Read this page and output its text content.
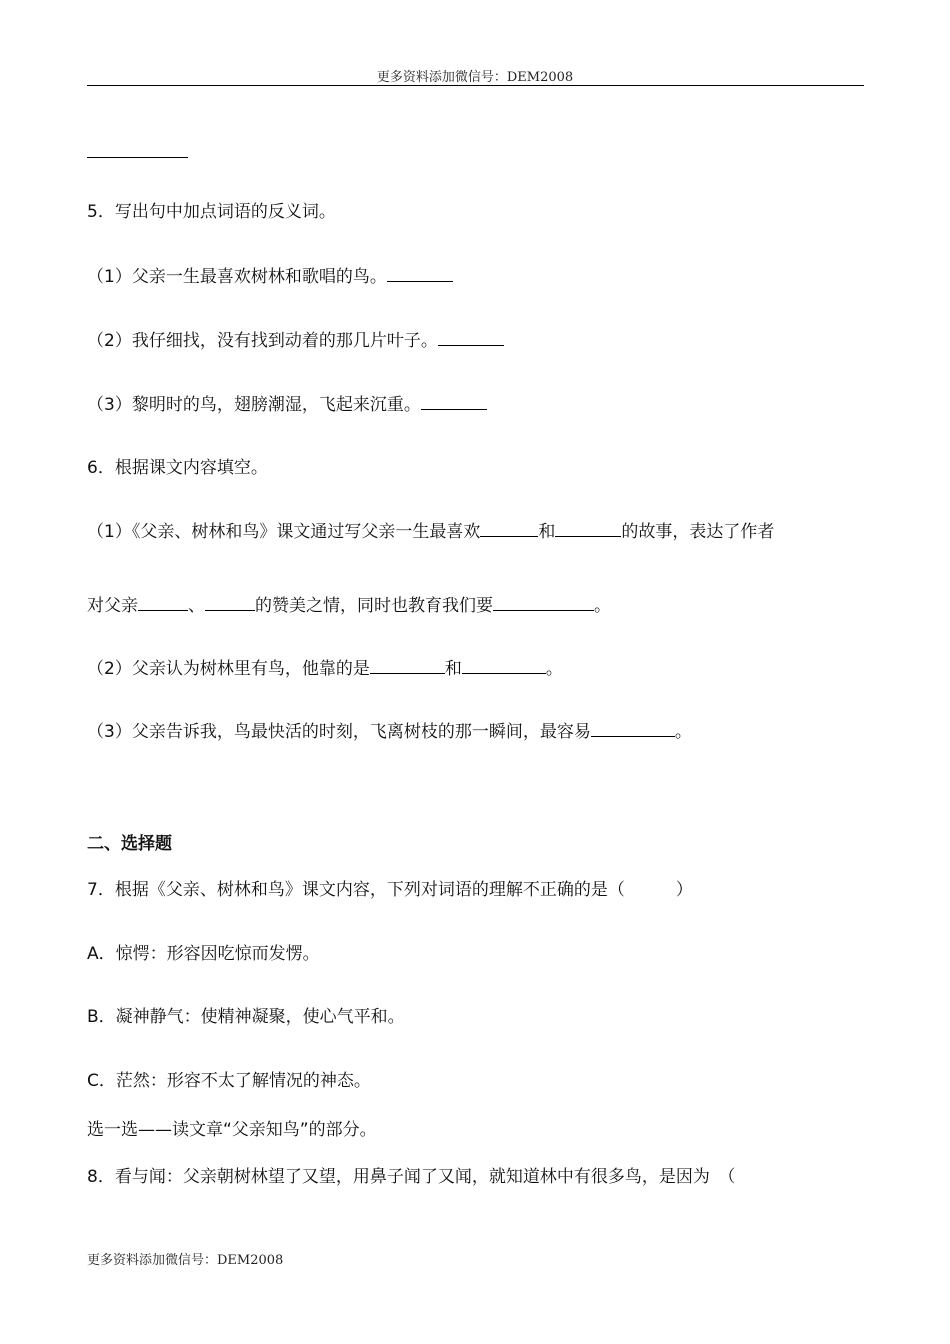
更多资料添加微信号：DEM2008
5．写出句中加点词语的反义词。
（1）父亲一生最喜欢树林和歌唱的鸟。
（2）我仔细找，没有找到动着的那几片叶子。
（3）黎明时的鸟，翅膀潮湿，飞起来沉重。
6．根据课文内容填空。
（1）《父亲、树林和鸟》课文通过写父亲一生最喜欢	和	的故事，表达了作者
对父亲	、	的赞美之情，同时也教育我们要	。
（2）父亲认为树林里有鸟，他靠的是	和	。
（3）父亲告诉我，鸟最快活的时刻，飞离树枝的那一瞬间，最容易	。
二、选择题
7．根据《父亲、树林和鸟》课文内容，下列对词语的理解不正确的是（　　　）
A．惊愕：形容因吃惊而发愣。
B．凝神静气：使精神凝聚，使心气平和。
C．茫然：形容不太了解情况的神态。
选一选——读文章“父亲知鸟”的部分。
8．看与闻：父亲朝树林望了又望，用鼻子闻了又闻，就知道林中有很多鸟，是因为　（
更多资料添加微信号：DEM2008
